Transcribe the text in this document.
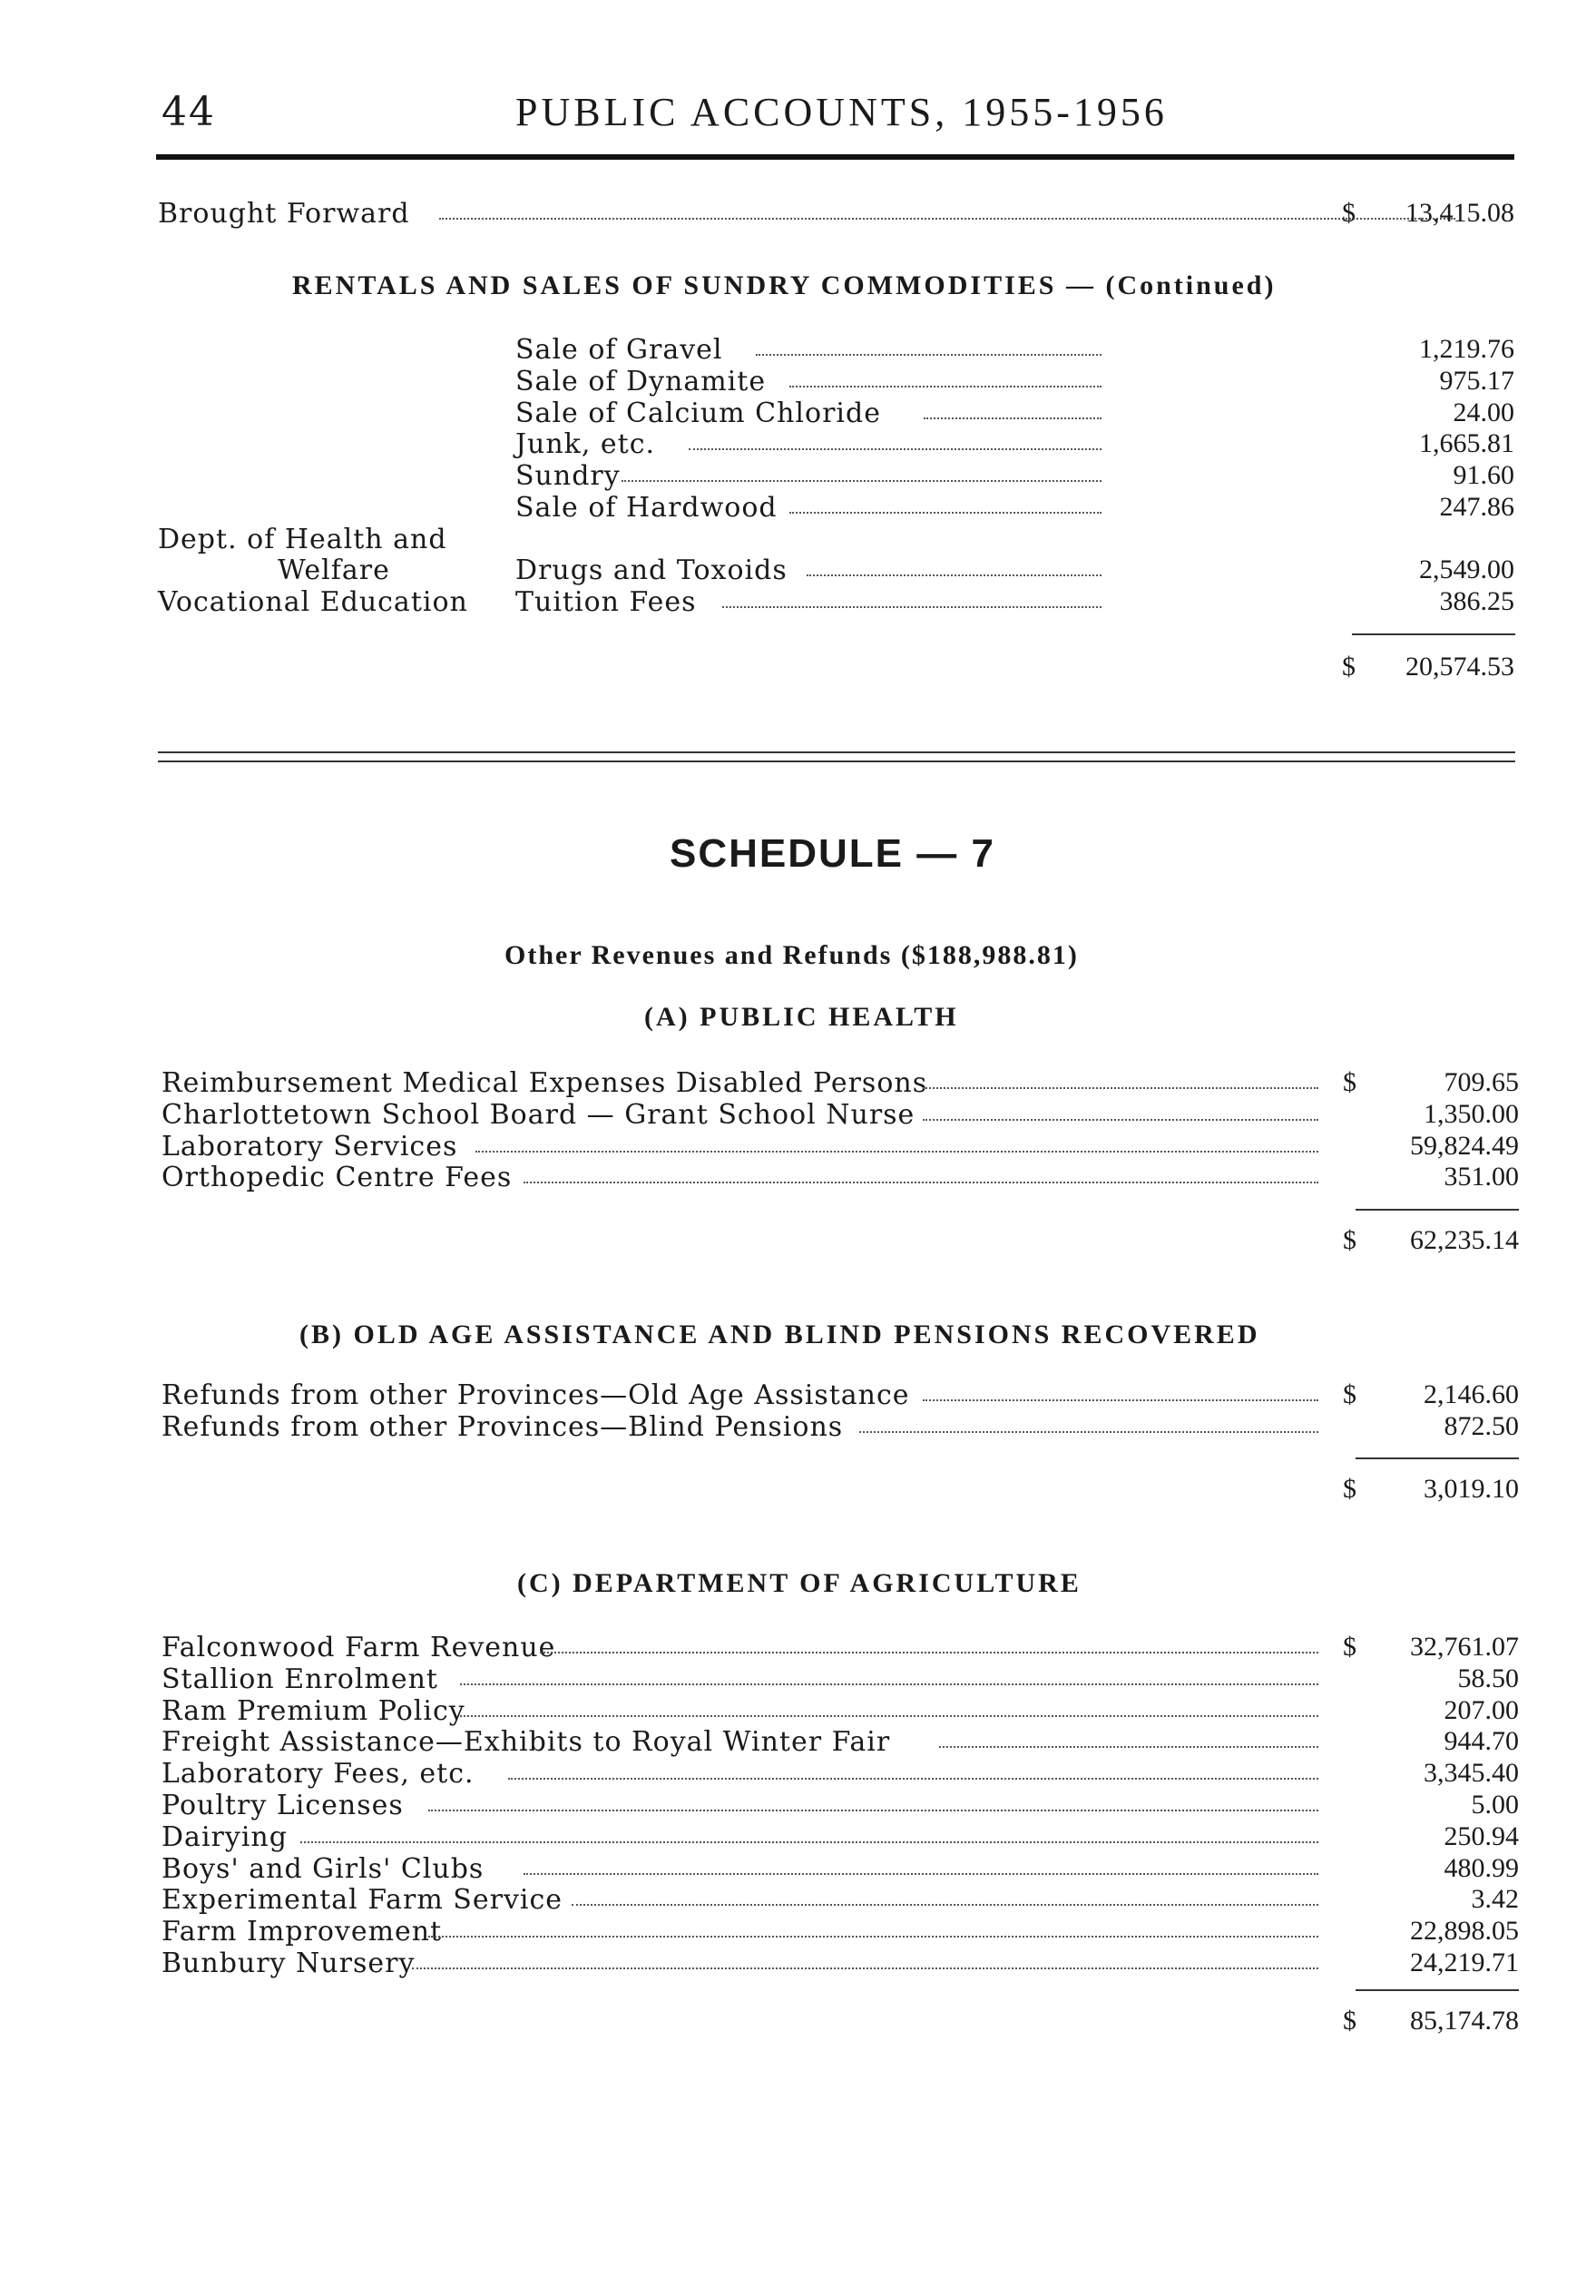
44	PUBLIC ACCOUNTS, 1955-1956
Brought Forward	$	13,415.08
RENTALS AND SALES OF SUNDRY COMMODITIES — (Continued)
Sale of Gravel	1,219.76
Sale of Dynamite	975.17
Sale of Calcium Chloride	24.00
Junk, etc.	1,665.81
Sundry	91.60
Sale of Hardwood	247.86
Dept. of Health and
Welfare	Drugs and Toxoids	2,549.00
Vocational Education Tuition Fees	386.25
$	20,574.53
SCHEDULE — 7
Other Revenues and Refunds ($188,988.81)
(A) PUBLIC HEALTH
Reimbursement Medical Expenses Disabled Persons	$	709.65
Charlottetown School Board — Grant School Nurse	1,350.00
Laboratory Services	59,824.49
Orthopedic Centre Fees	351.00
$	62,235.14
(B) OLD AGE ASSISTANCE AND BLIND PENSIONS RECOVERED
Refunds from other Provinces—Old Age Assistance	$	2,146.60
Refunds from other Provinces—Blind Pensions	872.50
$	3,019.10
(C) DEPARTMENT OF AGRICULTURE
Falconwood Farm Revenue	$	32,761.07
Stallion Enrolment	58.50
Ram Premium Policy	207.00
Freight Assistance—Exhibits to Royal Winter Fair	944.70
Laboratory Fees, etc.	3,345.40
Poultry Licenses	5.00
Dairying	250.94
Boys' and Girls' Clubs	480.99
Experimental Farm Service	3.42
Farm Improvement	22,898.05
Bunbury Nursery	24,219.71
$	85,174.78
